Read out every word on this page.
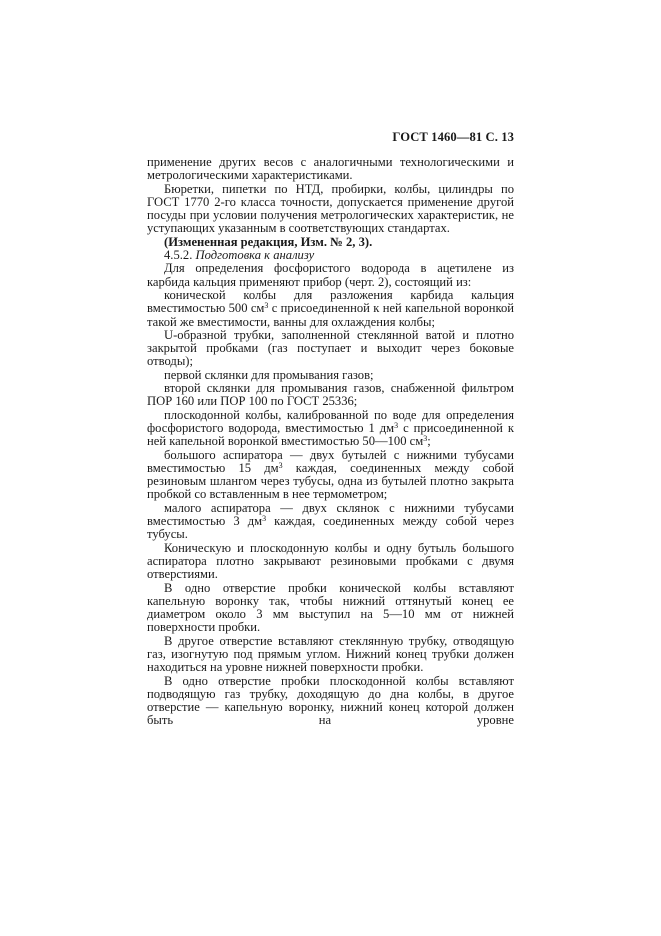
ГОСТ 1460—81 С. 13

применение других весов с аналогичными технологическими и метрологическими характеристиками.

Бюретки, пипетки по НТД, пробирки, колбы, цилиндры по ГОСТ 1770 2-го класса точности, допускается применение другой посуды при условии получения метрологических характеристик, не уступающих указанным в соответствующих стандартах.

(Измененная редакция, Изм. № 2, 3).

4.5.2. Подготовка к анализу

Для определения фосфористого водорода в ацетилене из карбида кальция применяют прибор (черт. 2), состоящий из:

конической колбы для разложения карбида кальция вместимостью 500 $см^3$ с присоединенной к ней капельной воронкой такой же вместимости, ванны для охлаждения колбы;

U-образной трубки, заполненной стеклянной ватой и плотно закрытой пробками (газ поступает и выходит через боковые отводы);

первой склянки для промывания газов;

второй склянки для промывания газов, снабженной фильтром ПОР 160 или ПОР 100 по ГОСТ 25336;

плоскодонной колбы, калиброванной по воде для определения фосфористого водорода, вместимостью 1 $дм^3$ с присоединенной к ней капельной воронкой вместимостью 50—100 $см^3$;

большого аспиратора — двух бутылей с нижними тубусами вместимостью 15 $дм^3$ каждая, соединенных между собой резиновым шлангом через тубусы, одна из бутылей плотно закрыта пробкой со вставленным в нее термометром;

малого аспиратора — двух склянок с нижними тубусами вместимостью 3 $дм^3$ каждая, соединенных между собой через тубусы.

Коническую и плоскодонную колбы и одну бутыль большого аспиратора плотно закрывают резиновыми пробками с двумя отверстиями.

В одно отверстие пробки конической колбы вставляют капельную воронку так, чтобы нижний оттянутый конец ее диаметром около 3 мм выступил на 5—10 мм от нижней поверхности пробки.

В другое отверстие вставляют стеклянную трубку, отводящую газ, изогнутую под прямым углом. Нижний конец трубки должен находиться на уровне нижней поверхности пробки.

В одно отверстие пробки плоскодонной колбы вставляют подводящую газ трубку, доходящую до дна колбы, в другое отверстие — капельную воронку, нижний конец которой должен быть на уровне
